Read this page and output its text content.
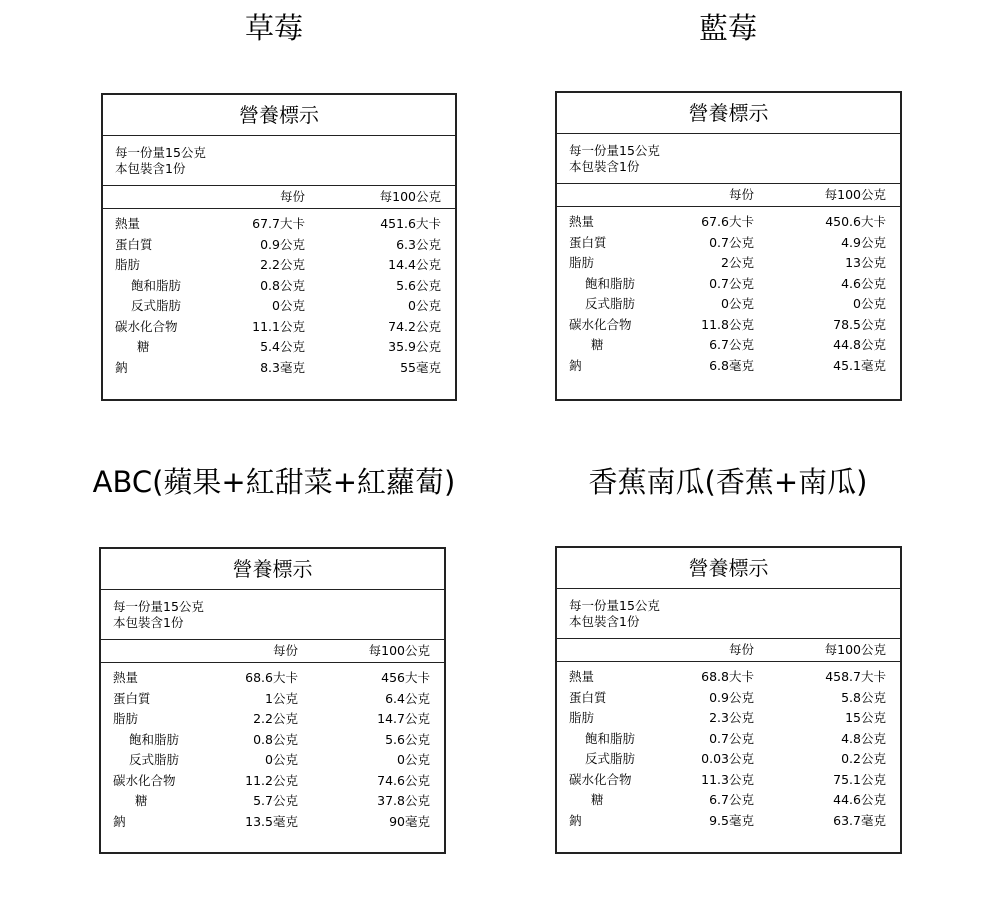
草莓	藍莓
ABC(蘋果+紅甜菜+紅蘿蔔)	香蕉南瓜(香蕉+南瓜)
營養標示
每一份量15公克
本包裝含1份
每份	每100公克
熱量	67.7大卡	451.6大卡
蛋白質	0.9公克	6.3公克
脂肪	2.2公克	14.4公克
飽和脂肪	0.8公克	5.6公克
反式脂肪	0公克	0公克
碳水化合物	11.1公克	74.2公克
糖	5.4公克	35.9公克
鈉	8.3毫克	55毫克
營養標示
每一份量15公克
本包裝含1份
每份	每100公克
熱量	67.6大卡	450.6大卡
蛋白質	0.7公克	4.9公克
脂肪	2公克	13公克
飽和脂肪	0.7公克	4.6公克
反式脂肪	0公克	0公克
碳水化合物	11.8公克	78.5公克
糖	6.7公克	44.8公克
鈉	6.8毫克	45.1毫克
營養標示
每一份量15公克
本包裝含1份
每份	每100公克
熱量	68.6大卡	456大卡
蛋白質	1公克	6.4公克
脂肪	2.2公克	14.7公克
飽和脂肪	0.8公克	5.6公克
反式脂肪	0公克	0公克
碳水化合物	11.2公克	74.6公克
糖	5.7公克	37.8公克
鈉	13.5毫克	90毫克
營養標示
每一份量15公克
本包裝含1份
每份	每100公克
熱量	68.8大卡	458.7大卡
蛋白質	0.9公克	5.8公克
脂肪	2.3公克	15公克
飽和脂肪	0.7公克	4.8公克
反式脂肪	0.03公克	0.2公克
碳水化合物	11.3公克	75.1公克
糖	6.7公克	44.6公克
鈉	9.5毫克	63.7毫克
